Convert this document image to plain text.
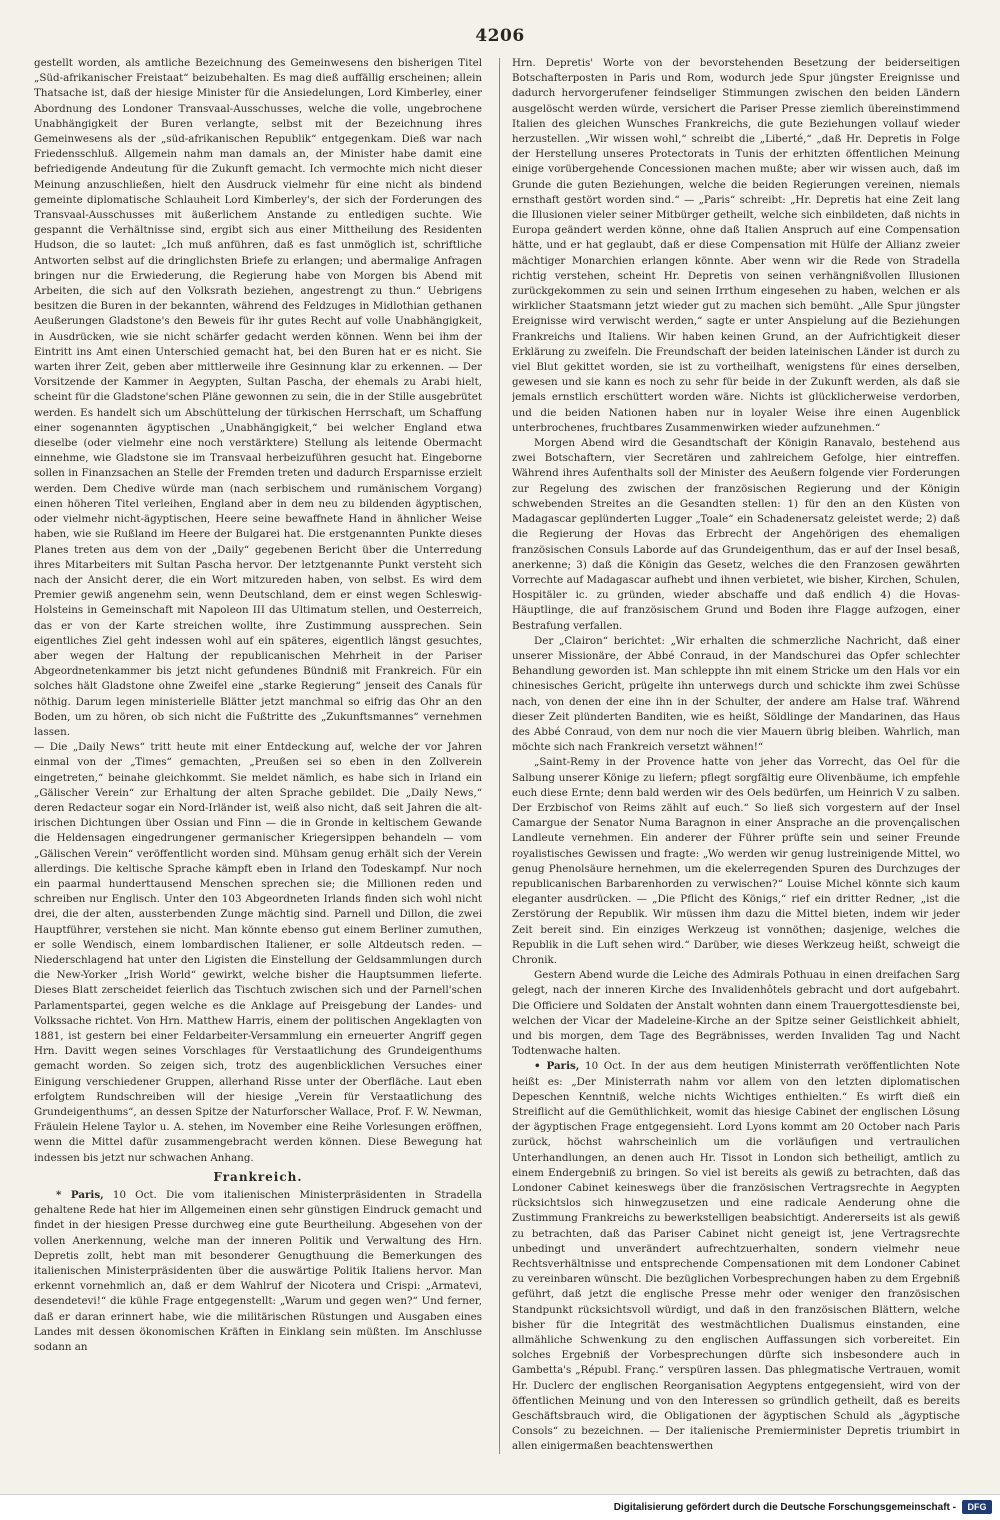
4206

gestellt worden, als amtliche Bezeichnung des Gemeinwesens den bisherigen Titel „Süd-afrikanischer Freistaat“ beizubehalten. Es mag dieß auffällig erscheinen; allein Thatsache ist, daß der hiesige Minister für die Ansiedelungen, Lord Kimberley, einer Abordnung des Londoner Transvaal-Ausschusses, welche die volle, ungebrochene Unabhängigkeit der Buren verlangte, selbst mit der Bezeichnung ihres Gemeinwesens als der „süd-afrikanischen Republik“ entgegenkam. Dieß war nach Friedensschluß. Allgemein nahm man damals an, der Minister habe damit eine befriedigende Andeutung für die Zukunft gemacht. Ich vermochte mich nicht dieser Meinung anzuschließen, hielt den Ausdruck vielmehr für eine nicht als bindend gemeinte diplomatische Schlauheit Lord Kimberley's, der sich der Forderungen des Transvaal-Ausschusses mit äußerlichem Anstande zu entledigen suchte. Wie gespannt die Verhältnisse sind, ergibt sich aus einer Mittheilung des Residenten Hudson, die so lautet: „Ich muß anführen, daß es fast unmöglich ist, schriftliche Antworten selbst auf die dringlichsten Briefe zu erlangen; und abermalige Anfragen bringen nur die Erwiederung, die Regierung habe von Morgen bis Abend mit Arbeiten, die sich auf den Volksrath beziehen, angestrengt zu thun.“ Uebrigens besitzen die Buren in der bekannten, während des Feldzuges in Midlothian gethanen Aeußerungen Gladstone's den Beweis für ihr gutes Recht auf volle Unabhängigkeit, in Ausdrücken, wie sie nicht schärfer gedacht werden können. Wenn bei ihm der Eintritt ins Amt einen Unterschied gemacht hat, bei den Buren hat er es nicht. Sie warten ihrer Zeit, geben aber mittlerweile ihre Gesinnung klar zu erkennen. — Der Vorsitzende der Kammer in Aegypten, Sultan Pascha, der ehemals zu Arabi hielt, scheint für die Gladstone'schen Pläne gewonnen zu sein, die in der Stille ausgebrütet werden. Es handelt sich um Abschüttelung der türkischen Herrschaft, um Schaffung einer sogenannten ägyptischen „Unabhängigkeit,“ bei welcher England etwa dieselbe (oder vielmehr eine noch verstärktere) Stellung als leitende Obermacht einnehme, wie Gladstone sie im Transvaal herbeizuführen gesucht hat. Eingeborne sollen in Finanzsachen an Stelle der Fremden treten und dadurch Ersparnisse erzielt werden. Dem Chedive würde man (nach serbischem und rumänischem Vorgang) einen höheren Titel verleihen, England aber in dem neu zu bildenden ägyptischen, oder vielmehr nicht-ägyptischen, Heere seine bewaffnete Hand in ähnlicher Weise haben, wie sie Rußland im Heere der Bulgarei hat. Die erstgenannten Punkte dieses Planes treten aus dem von der „Daily“ gegebenen Bericht über die Unterredung ihres Mitarbeiters mit Sultan Pascha hervor. Der letztgenannte Punkt versteht sich nach der Ansicht derer, die ein Wort mitzureden haben, von selbst. Es wird dem Premier gewiß angenehm sein, wenn Deutschland, dem er einst wegen Schleswig-Holsteins in Gemeinschaft mit Napoleon III das Ultimatum stellen, und Oesterreich, das er von der Karte streichen wollte, ihre Zustimmung aussprechen. Sein eigentliches Ziel geht indessen wohl auf ein späteres, eigentlich längst gesuchtes, aber wegen der Haltung der republicanischen Mehrheit in der Pariser Abgeordnetenkammer bis jetzt nicht gefundenes Bündniß mit Frankreich. Für ein solches hält Gladstone ohne Zweifel eine „starke Regierung“ jenseit des Canals für nöthig. Darum legen ministerielle Blätter jetzt manchmal so eifrig das Ohr an den Boden, um zu hören, ob sich nicht die Fußtritte des „Zukunftsmannes“ vernehmen lassen.

— Die „Daily News“ tritt heute mit einer Entdeckung auf, welche der vor Jahren einmal von der „Times“ gemachten, „Preußen sei so eben in den Zollverein eingetreten,“ beinahe gleichkommt. Sie meldet nämlich, es habe sich in Irland ein „Gälischer Verein“ zur Erhaltung der alten Sprache gebildet. Die „Daily News,“ deren Redacteur sogar ein Nord-Irländer ist, weiß also nicht, daß seit Jahren die alt-irischen Dichtungen über Ossian und Finn — die in Gronde in keltischem Gewande die Heldensagen eingedrungener germanischer Kriegersippen behandeln — vom „Gälischen Verein“ veröffentlicht worden sind. Mühsam genug erhält sich der Verein allerdings. Die keltische Sprache kämpft eben in Irland den Todeskampf. Nur noch ein paarmal hunderttausend Menschen sprechen sie; die Millionen reden und schreiben nur Englisch. Unter den 103 Abgeordneten Irlands finden sich wohl nicht drei, die der alten, aussterbenden Zunge mächtig sind. Parnell und Dillon, die zwei Hauptführer, verstehen sie nicht. Man könnte ebenso gut einem Berliner zumuthen, er solle Wendisch, einem lombardischen Italiener, er solle Altdeutsch reden. — Niederschlagend hat unter den Ligisten die Einstellung der Geldsammlungen durch die New-Yorker „Irish World“ gewirkt, welche bisher die Hauptsummen lieferte. Dieses Blatt zerscheidet feierlich das Tischtuch zwischen sich und der Parnell'schen Parlamentspartei, gegen welche es die Anklage auf Preisgebung der Landes- und Volkssache richtet. Von Hrn. Matthew Harris, einem der politischen Angeklagten von 1881, ist gestern bei einer Feldarbeiter-Versammlung ein erneuerter Angriff gegen Hrn. Davitt wegen seines Vorschlages für Verstaatlichung des Grundeigenthums gemacht worden. So zeigen sich, trotz des augenblicklichen Versuches einer Einigung verschiedener Gruppen, allerhand Risse unter der Oberfläche. Laut eben erfolgtem Rundschreiben will der hiesige „Verein für Verstaatlichung des Grundeigenthums“, an dessen Spitze der Naturforscher Wallace, Prof. F. W. Newman, Fräulein Helene Taylor u. A. stehen, im November eine Reihe Vorlesungen eröffnen, wenn die Mittel dafür zusammengebracht werden können. Diese Bewegung hat indessen bis jetzt nur schwachen Anhang.

Frankreich.

* Paris, 10 Oct. Die vom italienischen Ministerpräsidenten in Stradella gehaltene Rede hat hier im Allgemeinen einen sehr günstigen Eindruck gemacht und findet in der hiesigen Presse durchweg eine gute Beurtheilung. Abgesehen von der vollen Anerkennung, welche man der inneren Politik und Verwaltung des Hrn. Depretis zollt, hebt man mit besonderer Genugthuung die Bemerkungen des italienischen Ministerpräsidenten über die auswärtige Politik Italiens hervor. Man erkennt vornehmlich an, daß er dem Wahlruf der Nicotera und Crispi: „Armatevi, desendetevi!“ die kühle Frage entgegenstellt: „Warum und gegen wen?“ Und ferner, daß er daran erinnert habe, wie die militärischen Rüstungen und Ausgaben eines Landes mit dessen ökonomischen Kräften in Einklang sein müßten. Im Anschlusse sodann an

Hrn. Depretis' Worte von der bevorstehenden Besetzung der beiderseitigen Botschafterposten in Paris und Rom, wodurch jede Spur jüngster Ereignisse und dadurch hervorgerufener feindseliger Stimmungen zwischen den beiden Ländern ausgelöscht werden würde, versichert die Pariser Presse ziemlich übereinstimmend Italien des gleichen Wunsches Frankreichs, die gute Beziehungen vollauf wieder herzustellen. „Wir wissen wohl,“ schreibt die „Liberté,“ „daß Hr. Depretis in Folge der Herstellung unseres Protectorats in Tunis der erhitzten öffentlichen Meinung einige vorübergehende Concessionen machen mußte; aber wir wissen auch, daß im Grunde die guten Beziehungen, welche die beiden Regierungen vereinen, niemals ernsthaft gestört worden sind.“ — „Paris“ schreibt: „Hr. Depretis hat eine Zeit lang die Illusionen vieler seiner Mitbürger getheilt, welche sich einbildeten, daß nichts in Europa geändert werden könne, ohne daß Italien Anspruch auf eine Compensation hätte, und er hat geglaubt, daß er diese Compensation mit Hülfe der Allianz zweier mächtiger Monarchien erlangen könnte. Aber wenn wir die Rede von Stradella richtig verstehen, scheint Hr. Depretis von seinen verhängnißvollen Illusionen zurückgekommen zu sein und seinen Irrthum eingesehen zu haben, welchen er als wirklicher Staatsmann jetzt wieder gut zu machen sich bemüht. „Alle Spur jüngster Ereignisse wird verwischt werden,“ sagte er unter Anspielung auf die Beziehungen Frankreichs und Italiens. Wir haben keinen Grund, an der Aufrichtigkeit dieser Erklärung zu zweifeln. Die Freundschaft der beiden lateinischen Länder ist durch zu viel Blut gekittet worden, sie ist zu vortheilhaft, wenigstens für eines derselben, gewesen und sie kann es noch zu sehr für beide in der Zukunft werden, als daß sie jemals ernstlich erschüttert worden wäre. Nichts ist glücklicherweise verdorben, und die beiden Nationen haben nur in loyaler Weise ihre einen Augenblick unterbrochenes, fruchtbares Zusammenwirken wieder aufzunehmen.“

Morgen Abend wird die Gesandtschaft der Königin Ranavalo, bestehend aus zwei Botschaftern, vier Secretären und zahlreichem Gefolge, hier eintreffen. Während ihres Aufenthalts soll der Minister des Aeußern folgende vier Forderungen zur Regelung des zwischen der französischen Regierung und der Königin schwebenden Streites an die Gesandten stellen: 1) für den an den Küsten von Madagascar geplünderten Lugger „Toale“ ein Schadenersatz geleistet werde; 2) daß die Regierung der Hovas das Erbrecht der Angehörigen des ehemaligen französischen Consuls Laborde auf das Grundeigenthum, das er auf der Insel besaß, anerkenne; 3) daß die Königin das Gesetz, welches die den Franzosen gewährten Vorrechte auf Madagascar aufhebt und ihnen verbietet, wie bisher, Kirchen, Schulen, Hospitäler ic. zu gründen, wieder abschaffe und daß endlich 4) die Hovas-Häuptlinge, die auf französischem Grund und Boden ihre Flagge aufzogen, einer Bestrafung verfallen.

Der „Clairon“ berichtet: „Wir erhalten die schmerzliche Nachricht, daß einer unserer Missionäre, der Abbé Conraud, in der Mandschurei das Opfer schlechter Behandlung geworden ist. Man schleppte ihn mit einem Stricke um den Hals vor ein chinesisches Gericht, prügelte ihn unterwegs durch und schickte ihm zwei Schüsse nach, von denen der eine ihn in der Schulter, der andere am Halse traf. Während dieser Zeit plünderten Banditen, wie es heißt, Söldlinge der Mandarinen, das Haus des Abbé Conraud, von dem nur noch die vier Mauern übrig bleiben. Wahrlich, man möchte sich nach Frankreich versetzt wähnen!“

„Saint-Remy in der Provence hatte von jeher das Vorrecht, das Oel für die Salbung unserer Könige zu liefern; pflegt sorgfältig eure Olivenbäume, ich empfehle euch diese Ernte; denn bald werden wir des Oels bedürfen, um Heinrich V zu salben. Der Erzbischof von Reims zählt auf euch.“ So ließ sich vorgestern auf der Insel Camargue der Senator Numa Baragnon in einer Ansprache an die provençalischen Landleute vernehmen. Ein anderer der Führer prüfte sein und seiner Freunde royalistisches Gewissen und fragte: „Wo werden wir genug lustreinigende Mittel, wo genug Phenolsäure hernehmen, um die ekelerregenden Spuren des Durchzuges der republicanischen Barbarenhorden zu verwischen?“ Louise Michel könnte sich kaum eleganter ausdrücken. — „Die Pflicht des Königs,“ rief ein dritter Redner, „ist die Zerstörung der Republik. Wir müssen ihm dazu die Mittel bieten, indem wir jeder Zeit bereit sind. Ein einziges Werkzeug ist vonnöthen; dasjenige, welches die Republik in die Luft sehen wird.“ Darüber, wie dieses Werkzeug heißt, schweigt die Chronik.

Gestern Abend wurde die Leiche des Admirals Pothuau in einen dreifachen Sarg gelegt, nach der inneren Kirche des Invalidenhôtels gebracht und dort aufgebahrt. Die Officiere und Soldaten der Anstalt wohnten dann einem Trauergottesdienste bei, welchen der Vicar der Madeleine-Kirche an der Spitze seiner Geistlichkeit abhielt, und bis morgen, dem Tage des Begräbnisses, werden Invaliden Tag und Nacht Todtenwache halten.

• Paris, 10 Oct. In der aus dem heutigen Ministerrath veröffentlichten Note heißt es: „Der Ministerrath nahm vor allem von den letzten diplomatischen Depeschen Kenntniß, welche nichts Wichtiges enthielten.“ Es wirft dieß ein Streiflicht auf die Gemüthlichkeit, womit das hiesige Cabinet der englischen Lösung der ägyptischen Frage entgegensieht. Lord Lyons kommt am 20 October nach Paris zurück, höchst wahrscheinlich um die vorläufigen und vertraulichen Unterhandlungen, an denen auch Hr. Tissot in London sich betheiligt, amtlich zu einem Endergebniß zu bringen. So viel ist bereits als gewiß zu betrachten, daß das Londoner Cabinet keineswegs über die französischen Vertragsrechte in Aegypten rücksichtslos sich hinwegzusetzen und eine radicale Aenderung ohne die Zustimmung Frankreichs zu bewerkstelligen beabsichtigt. Andererseits ist als gewiß zu betrachten, daß das Pariser Cabinet nicht geneigt ist, jene Vertragsrechte unbedingt und unverändert aufrechtzuerhalten, sondern vielmehr neue Rechtsverhältnisse und entsprechende Compensationen mit dem Londoner Cabinet zu vereinbaren wünscht. Die bezüglichen Vorbesprechungen haben zu dem Ergebniß geführt, daß jetzt die englische Presse mehr oder weniger den französischen Standpunkt rücksichtsvoll würdigt, und daß in den französischen Blättern, welche bisher für die Integrität des westmächtlichen Dualismus einstanden, eine allmähliche Schwenkung zu den englischen Auffassungen sich vorbereitet. Ein solches Ergebniß der Vorbesprechungen dürfte sich insbesondere auch in Gambetta's „Républ. Franç.“ verspüren lassen. Das phlegmatische Vertrauen, womit Hr. Duclerc der englischen Reorganisation Aegyptens entgegensieht, wird von der öffentlichen Meinung und von den Interessen so gründlich getheilt, daß es bereits Geschäftsbrauch wird, die Obligationen der ägyptischen Schuld als „ägyptische Consols“ zu bezeichnen. — Der italienische Premierminister Depretis triumbirt in allen einigermaßen beachtenswerthen

Digitalisierung gefördert durch die Deutsche Forschungsgemeinschaft -	DFG
